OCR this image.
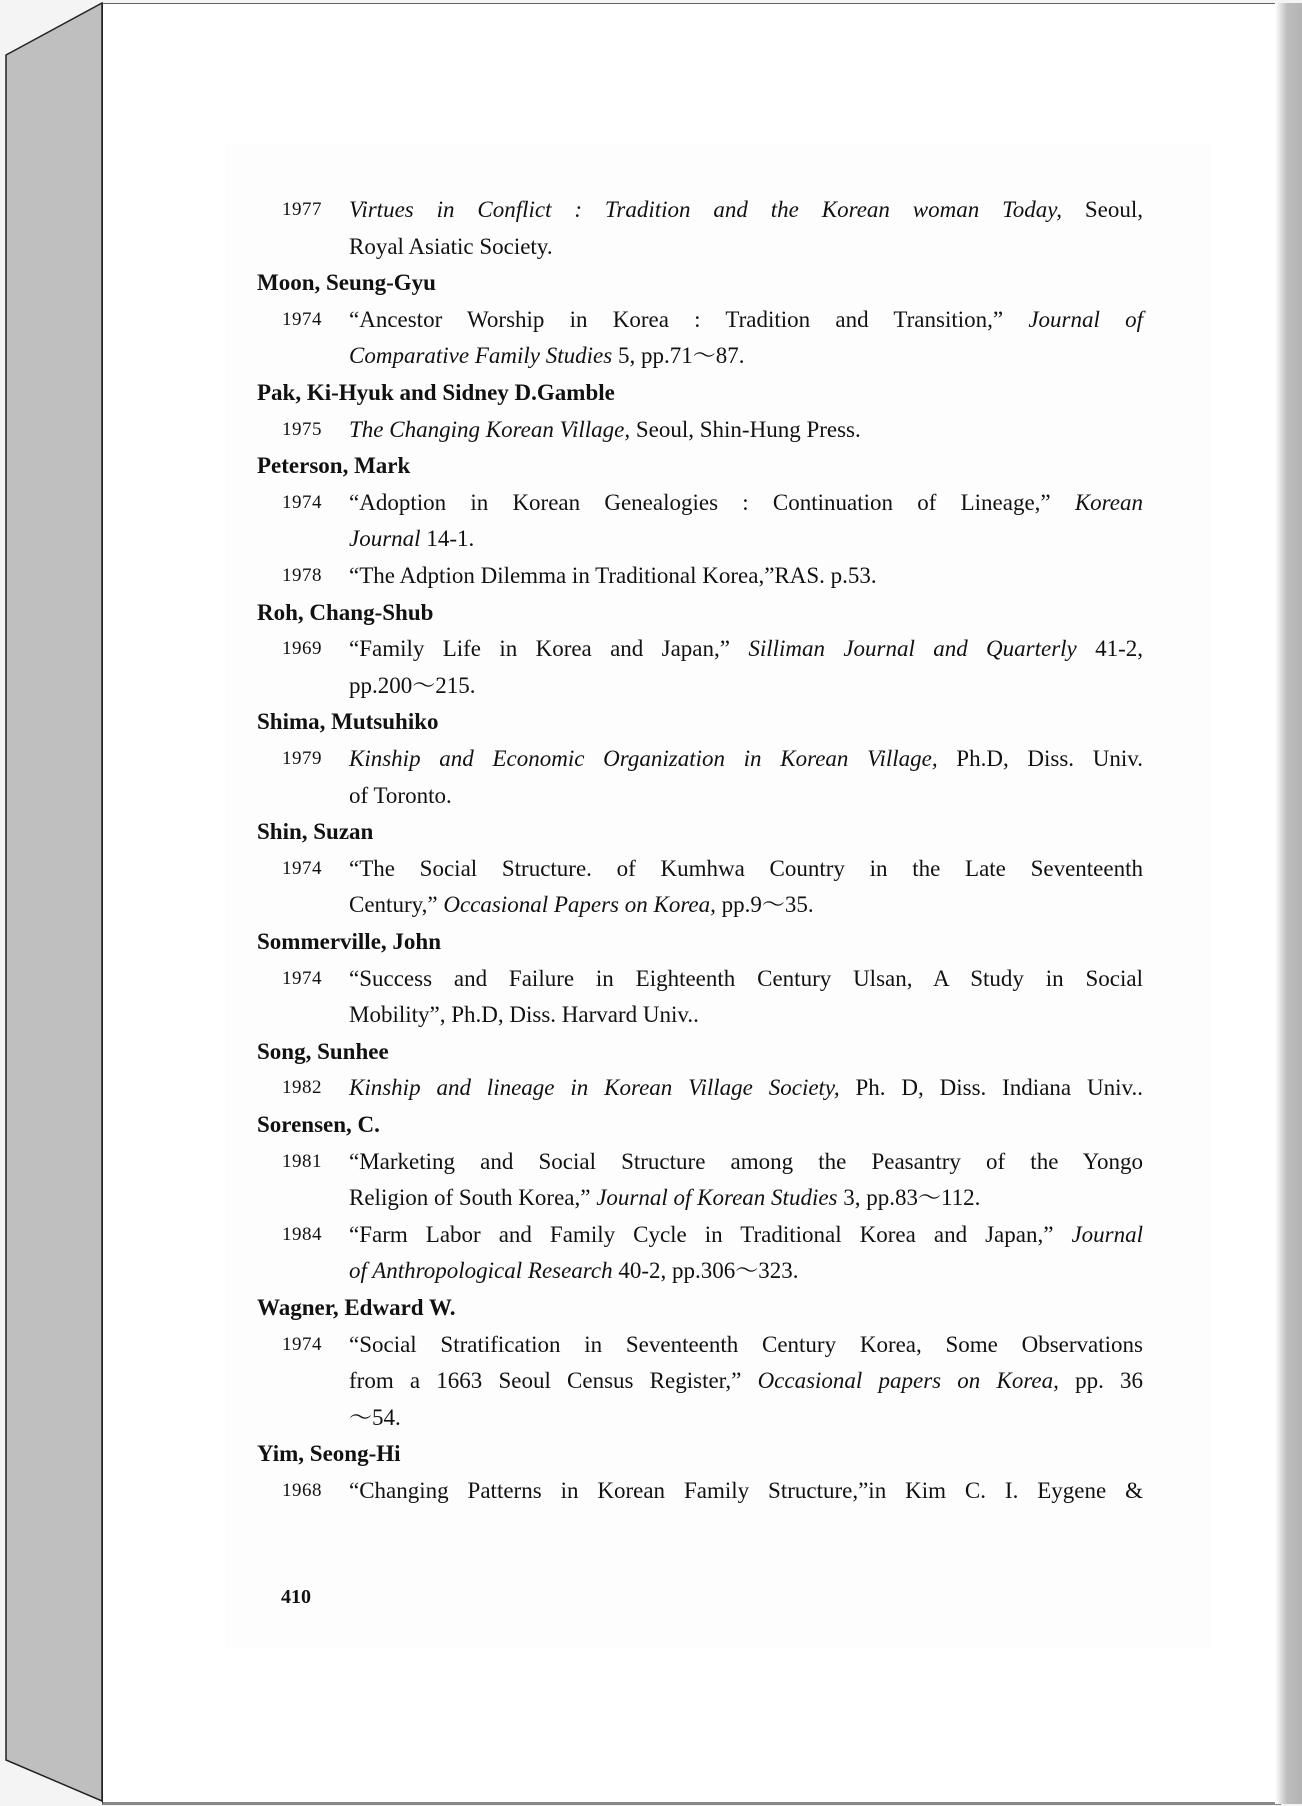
1977 Virtues in Conflict : Tradition and the Korean woman Today, Seoul,
Royal Asiatic Society.
Moon, Seung-Gyu
1974 “Ancestor Worship in Korea : Tradition and Transition,” Journal of
Comparative Family Studies 5, pp.71～87.
Pak, Ki-Hyuk and Sidney D.Gamble
1975 The Changing Korean Village, Seoul, Shin-Hung Press.
Peterson, Mark
1974 “Adoption in Korean Genealogies : Continuation of Lineage,” Korean
Journal 14-1.
1978 “The Adption Dilemma in Traditional Korea,”RAS. p.53.
Roh, Chang-Shub
1969 “Family Life in Korea and Japan,” Silliman Journal and Quarterly 41-2,
pp.200～215.
Shima, Mutsuhiko
1979 Kinship and Economic Organization in Korean Village, Ph.D, Diss. Univ.
of Toronto.
Shin, Suzan
1974 “The Social Structure. of Kumhwa Country in the Late Seventeenth
Century,” Occasional Papers on Korea, pp.9～35.
Sommerville, John
1974 “Success and Failure in Eighteenth Century Ulsan, A Study in Social
Mobility”, Ph.D, Diss. Harvard Univ..
Song, Sunhee
1982 Kinship and lineage in Korean Village Society, Ph. D, Diss. Indiana Univ..
Sorensen, C.
1981 “Marketing and Social Structure among the Peasantry of the Yongo
Religion of South Korea,” Journal of Korean Studies 3, pp.83～112.
1984 “Farm Labor and Family Cycle in Traditional Korea and Japan,” Journal
of Anthropological Research 40-2, pp.306～323.
Wagner, Edward W.
1974 “Social Stratification in Seventeenth Century Korea, Some Observations
from a 1663 Seoul Census Register,” Occasional papers on Korea, pp. 36
～54.
Yim, Seong-Hi
1968 “Changing Patterns in Korean Family Structure,”in Kim C. I. Eygene &
410
